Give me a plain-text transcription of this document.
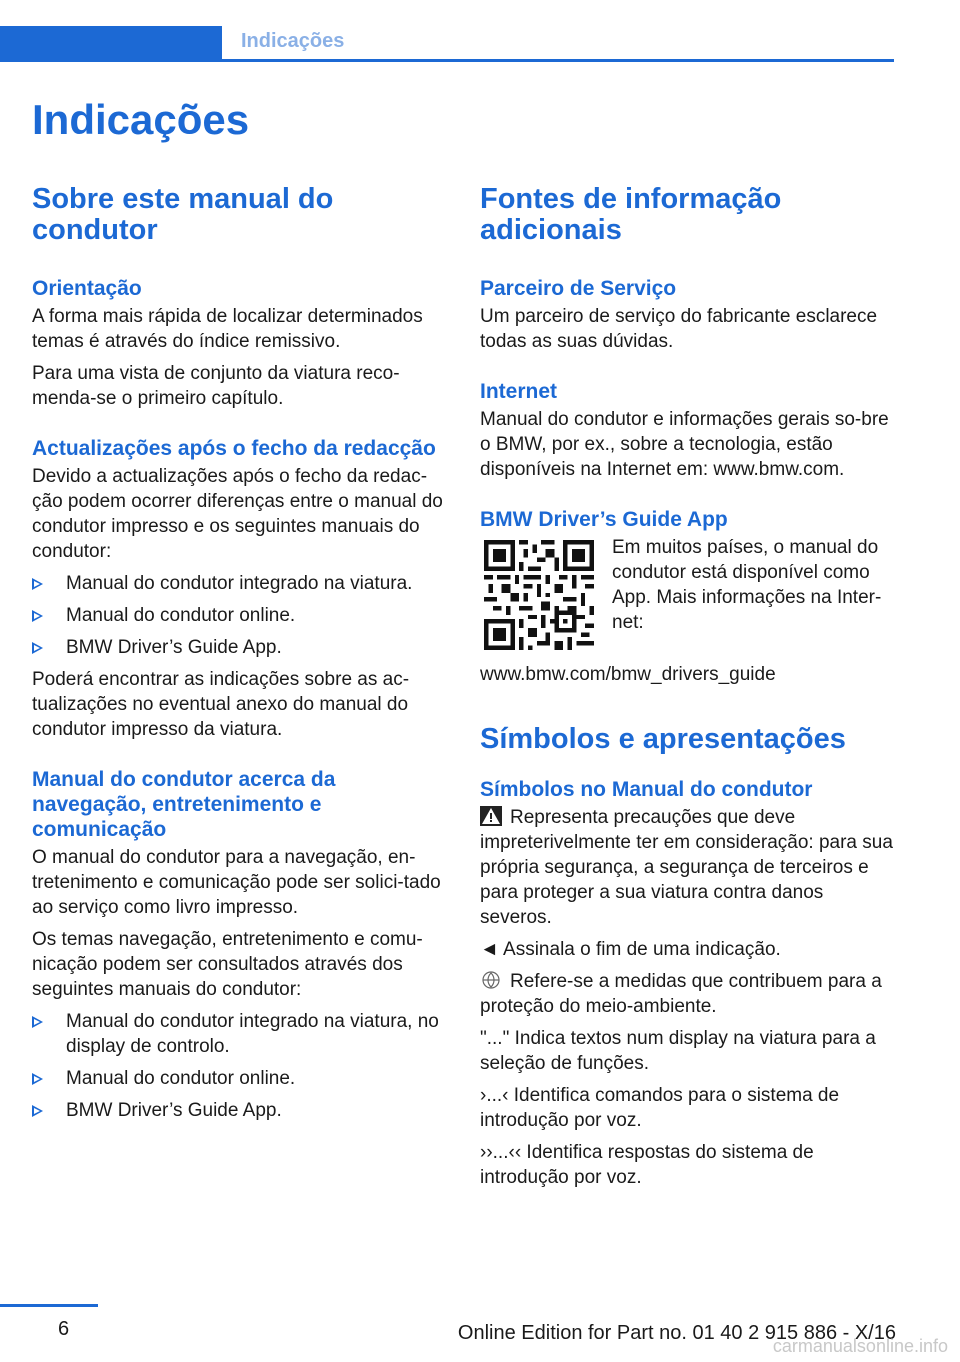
Indicações
Indicações
Sobre este manual do condutor
Orientação

A forma mais rápida de localizar determinados temas é através do índice remissivo.

Para uma vista de conjunto da viatura reco-menda-se o primeiro capítulo.

Actualizações após o fecho da redacção

Devido a actualizações após o fecho da redac-ção podem ocorrer diferenças entre o manual do condutor impresso e os seguintes manuais do condutor:

Manual do condutor integrado na viatura.
Manual do condutor online.
BMW Driver’s Guide App.

Poderá encontrar as indicações sobre as ac-tualizações no eventual anexo do manual do condutor impresso da viatura.

Manual do condutor acerca da navegação, entretenimento e comunicação

O manual do condutor para a navegação, en-tretenimento e comunicação pode ser solici-tado ao serviço como livro impresso.

Os temas navegação, entretenimento e comu-nicação podem ser consultados através dos seguintes manuais do condutor:

Manual do condutor integrado na viatura, no display de controlo.
Manual do condutor online.
BMW Driver’s Guide App.
Fontes de informação adicionais
Parceiro de Serviço

Um parceiro de serviço do fabricante esclarece todas as suas dúvidas.

Internet

Manual do condutor e informações gerais so-bre o BMW, por ex., sobre a tecnologia, estão disponíveis na Internet em: www.bmw.com.

BMW Driver’s Guide App

Em muitos países, o manual do condutor está disponível como App. Mais informações na Inter-net:

www.bmw.com/bmw_drivers_guide

Símbolos e apresentações
Símbolos no Manual do condutor

Representa precauções que deve impreterivelmente ter em consideração: para sua própria segurança, a segurança de terceiros e para proteger a sua viatura contra danos severos.

◄ Assinala o fim de uma indicação.

Refere-se a medidas que contribuem para a proteção do meio-ambiente.

"..." Indica textos num display na viatura para a seleção de funções.

›...‹ Identifica comandos para o sistema de introdução por voz.

››...‹‹ Identifica respostas do sistema de introdução por voz.

6	Online Edition for Part no. 01 40 2 915 886 - X/16
carmanualsonline.info
